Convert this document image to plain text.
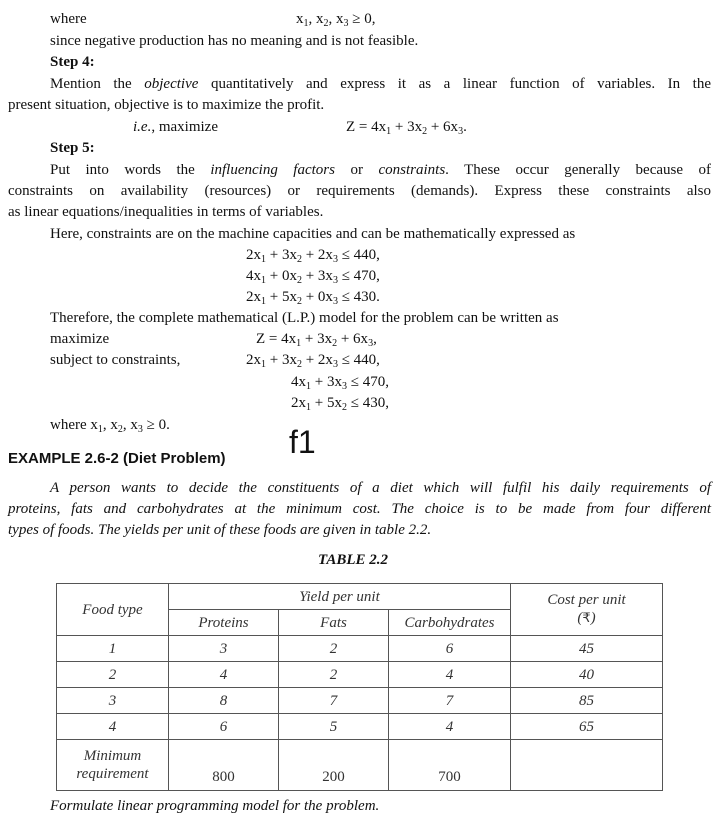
where	$x_1$, $x_2$, $x_3 \ge 0$,
since negative production has no meaning and is not feasible.
Step 4:
Mention the objective quantitatively and express it as a linear function of variables. In the
present situation, objective is to maximize the profit.
i.e., maximize	$Z = 4x_1 + 3x_2 + 6x_3$.
Step 5:
Put into words the influencing factors or constraints. These occur generally because of
constraints on availability (resources) or requirements (demands). Express these constraints also
as linear equations/inequalities in terms of variables.
Here, constraints are on the machine capacities and can be mathematically expressed as
$2x_1 + 3x_2 + 2x_3 \le 440$,
$4x_1 + 0x_2 + 3x_3 \le 470$,
$2x_1 + 5x_2 + 0x_3 \le 430$.
Therefore, the complete mathematical (L.P.) model for the problem can be written as
maximize	$Z = 4x_1 + 3x_2 + 6x_3$,
subject to constraints,	$2x_1 + 3x_2 + 2x_3 \le 440$,
$4x_1 + 3x_3 \le 470$,
$2x_1 + 5x_2 \le 430$,
where $x_1$, $x_2$, $x_3 \ge 0$.
EXAMPLE 2.6-2 (Diet Problem) f1
A person wants to decide the constituents of a diet which will fulfil his daily requirements of
proteins, fats and carbohydrates at the minimum cost. The choice is to be made from four different
types of foods. The yields per unit of these foods are given in table 2.2.
TABLE 2.2
Food type	Yield per unit			Cost per unit
(₹)

	Proteins	Fats	Carbohydrates	
1	3	2	6	45
2	4	2	4	40
3	8	7	7	85
4	6	5	4	65

Minimum
requirement	800	200	700	
Formulate linear programming model for the problem.
